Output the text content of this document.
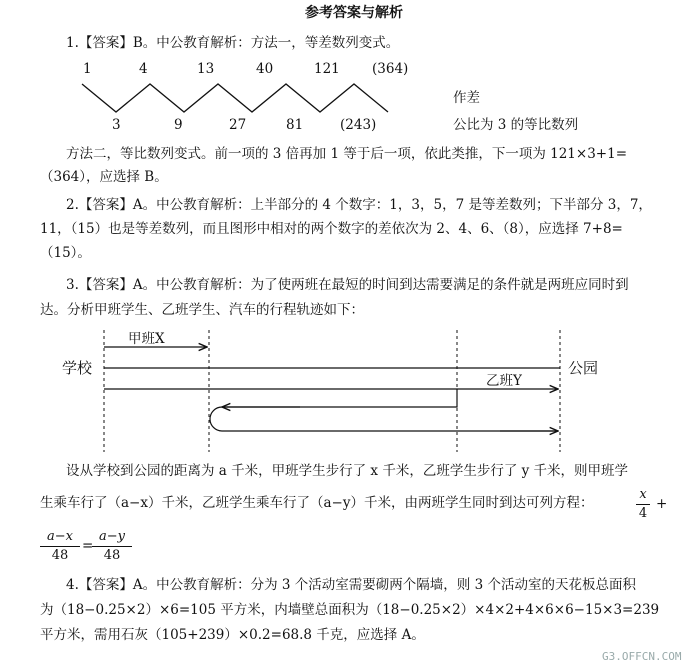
参考答案与解析
1.【答案】B。中公教育解析：方法一，等差数列变式。
1	4	13	40	121 (364)
3	9	27	81	(243)
作差
公比为 3 的等比数列
方法二，等比数列变式。前一项的 3 倍再加 1 等于后一项，依此类推，下一项为 121×3+1=
（364），应选择 B。
2.【答案】A。中公教育解析：上半部分的 4 个数字：1，3，5，7 是等差数列；下半部分 3，7，
11，（15）也是等差数列，而且图形中相对的两个数字的差依次为 2、4、6、（8），应选择 7+8=
（15）。
3.【答案】A。中公教育解析：为了使两班在最短的时间到达需要满足的条件就是两班应同时到
达。分析甲班学生、乙班学生、汽车的行程轨迹如下：
甲班X
学校	公园
乙班Y
设从学校到公园的距离为 a 千米，甲班学生步行了 x 千米，乙班学生步行了 y 千米，则甲班学
生乘车行了（a−x）千米，乙班学生乘车行了（a−y）千米，由两班学生同时到达可列方程：
x
4
+
a−x
48
=
a−y
48
4.【答案】A。中公教育解析：分为 3 个活动室需要砌两个隔墙，则 3 个活动室的天花板总面积
为（18−0.25×2）×6=105 平方米，内墙壁总面积为（18−0.25×2）×4×2+4×6×6−15×3=239
平方米，需用石灰（105+239）×0.2=68.8 千克，应选择 A。
G3.OFFCN.COM
